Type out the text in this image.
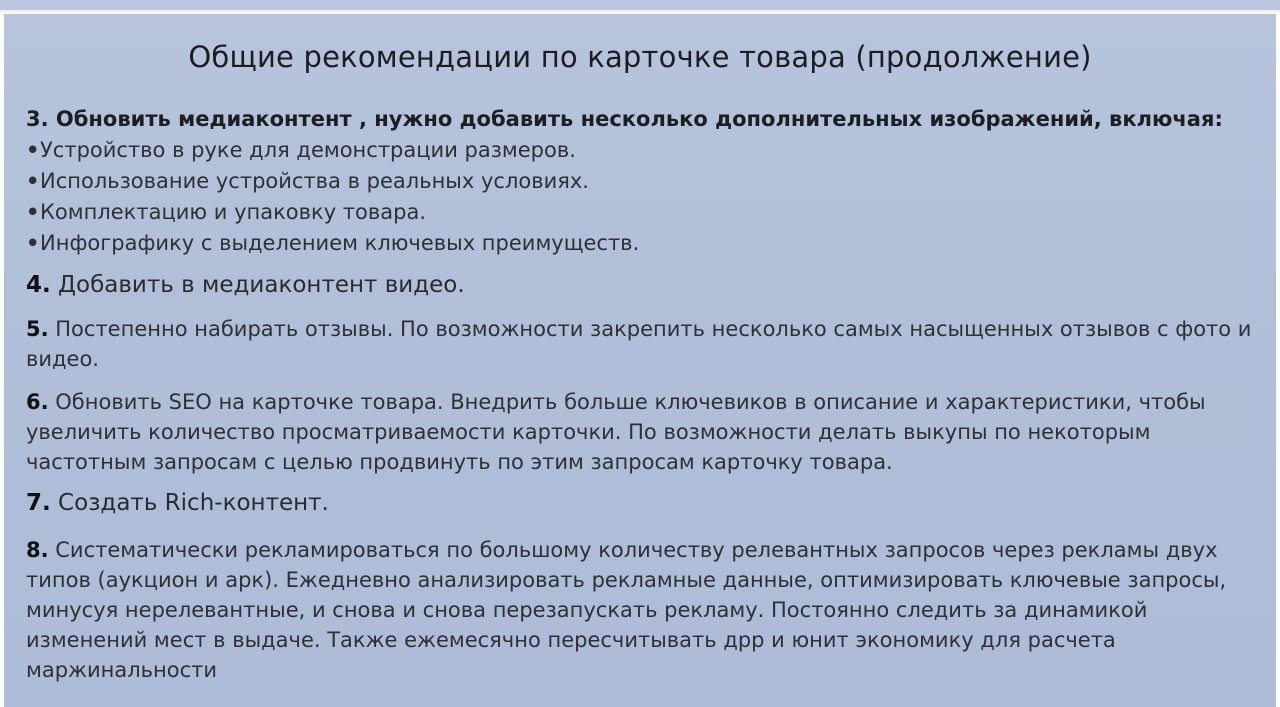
Общие рекомендации по карточке товара (продолжение)

3. Обновить медиаконтент , нужно добавить несколько дополнительных изображений, включая:

•Устройство в руке для демонстрации размеров.

•Использование устройства в реальных условиях.

•Комплектацию и упаковку товара.

•Инфографику с выделением ключевых преимуществ.

4. Добавить в медиаконтент видео.

5. Постепенно набирать отзывы. По возможности закрепить несколько самых насыщенных отзывов с фото и видео.

6. Обновить SEO на карточке товара. Внедрить больше ключевиков в описание и характеристики, чтобы увеличить количество просматриваемости карточки. По возможности делать выкупы по некоторым частотным запросам с целью продвинуть по этим запросам карточку товара.

7. Создать Rich-контент.

8. Систематически рекламироваться по большому количеству релевантных запросов через рекламы двух типов (аукцион и арк). Ежедневно анализировать рекламные данные, оптимизировать ключевые запросы, минусуя нерелевантные, и снова и снова перезапускать рекламу. Постоянно следить за динамикой изменений мест в выдаче. Также ежемесячно пересчитывать дрр и юнит экономику для расчета маржинальности
